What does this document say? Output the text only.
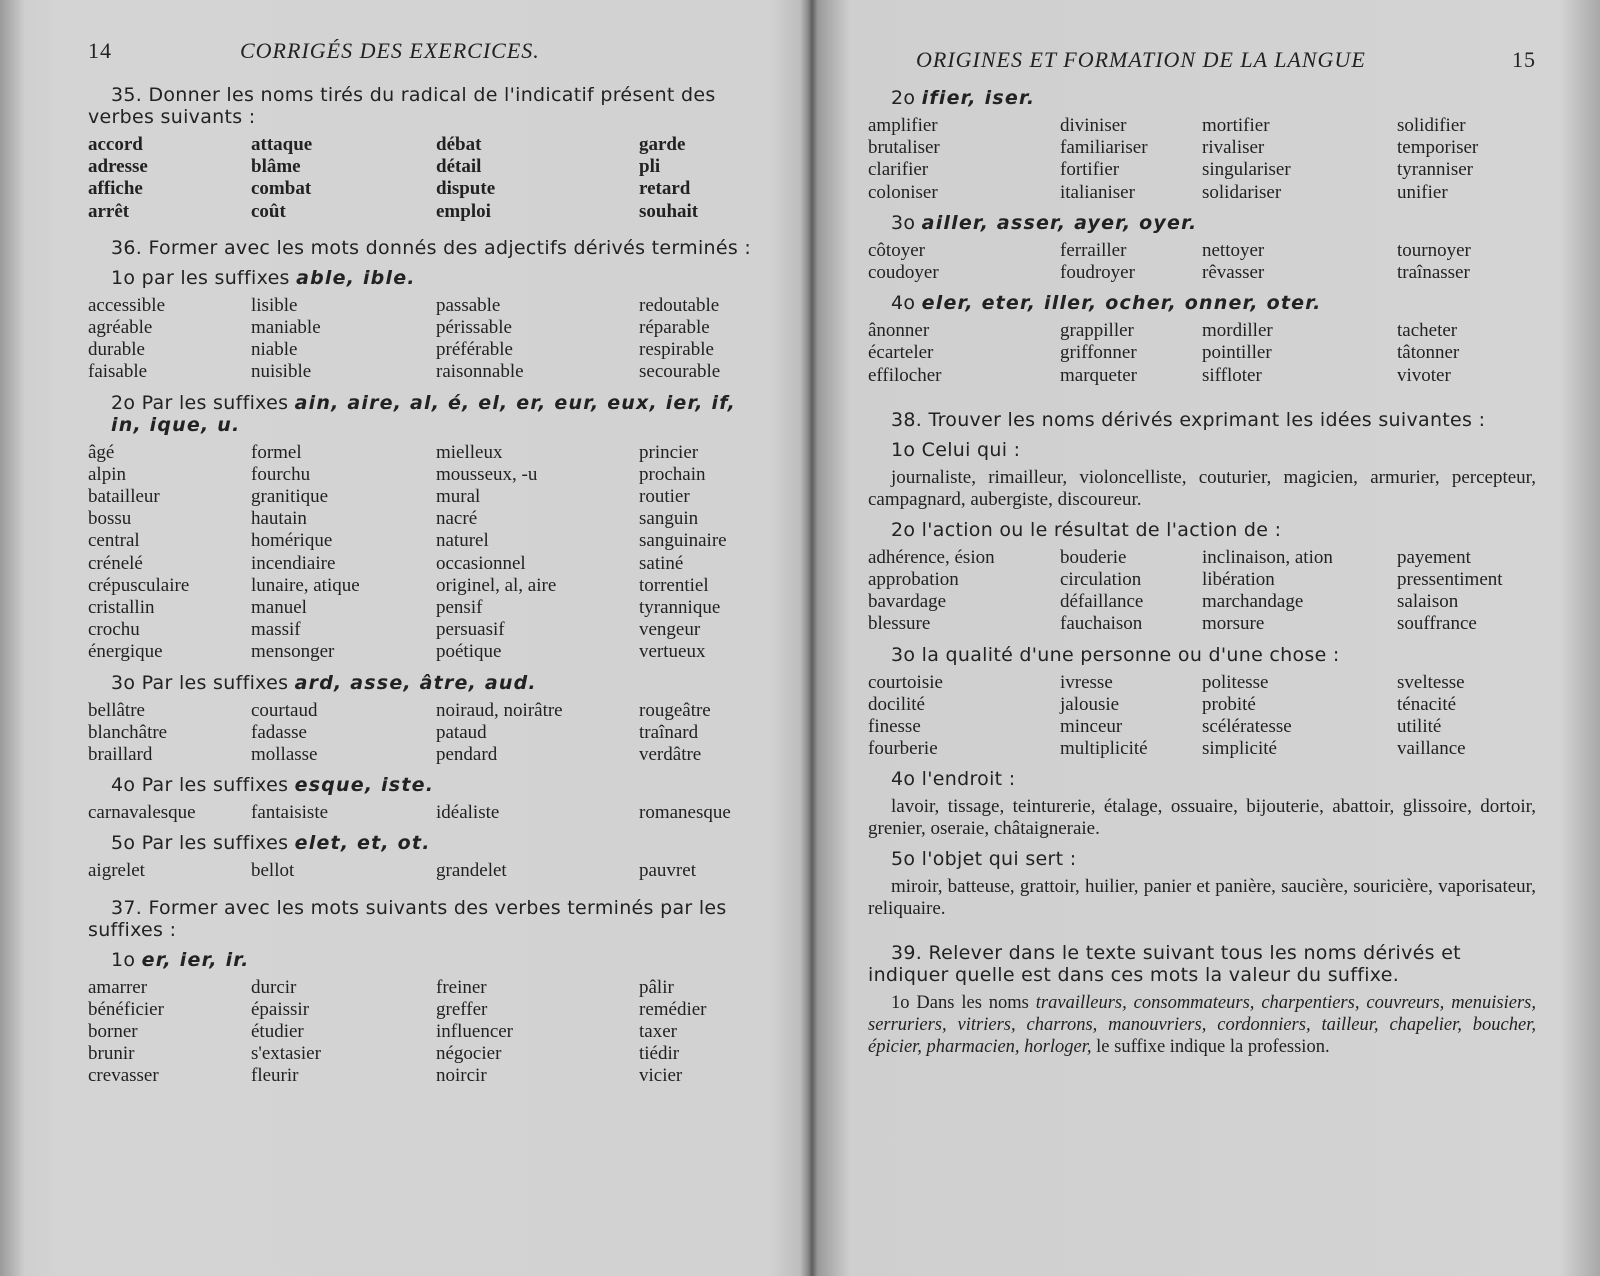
14	CORRIGÉS DES EXERCICES.
35. Donner les noms tirés du radical de l'indicatif présent des verbes suivants :
accord	attaque	débat	garde
adresse	blâme	détail	pli
affiche	combat	dispute	retard
arrêt	coût	emploi	souhait
36. Former avec les mots donnés des adjectifs dérivés terminés :
1o par les suffixes able, ible.
accessible	lisible	passable	redoutable
agréable	maniable	périssable	réparable
durable	niable	préférable	respirable
faisable	nuisible	raisonnable	secourable
2o Par les suffixes ain, aire, al, é, el, er, eur, eux, ier, if, in, ique, u.
âgé	formel	mielleux	princier
alpin	fourchu	mousseux, -u	prochain
batailleur	granitique	mural	routier
bossu	hautain	nacré	sanguin
central	homérique	naturel	sanguinaire
crénelé	incendiaire	occasionnel	satiné
crépusculaire	lunaire, atique	originel, al, aire	torrentiel
cristallin	manuel	pensif	tyrannique
crochu	massif	persuasif	vengeur
énergique	mensonger	poétique	vertueux
3o Par les suffixes ard, asse, âtre, aud.
bellâtre	courtaud	noiraud, noirâtre	rougeâtre
blanchâtre	fadasse	pataud	traînard
braillard	mollasse	pendard	verdâtre
4o Par les suffixes esque, iste.
carnavalesque	fantaisiste	idéaliste	romanesque
5o Par les suffixes elet, et, ot.
aigrelet	bellot	grandelet	pauvret
37. Former avec les mots suivants des verbes terminés par les suffixes :
1o er, ier, ir.
amarrer	durcir	freiner	pâlir
bénéficier	épaissir	greffer	remédier
borner	étudier	influencer	taxer
brunir	s'extasier	négocier	tiédir
crevasser	fleurir	noircir	vicier
ORIGINES ET FORMATION DE LA LANGUE	15
2o ifier, iser.
amplifier	diviniser	mortifier	solidifier
brutaliser	familiariser	rivaliser	temporiser
clarifier	fortifier	singulariser	tyranniser
coloniser	italianiser	solidariser	unifier
3o ailler, asser, ayer, oyer.
côtoyer	ferrailler	nettoyer	tournoyer
coudoyer	foudroyer	rêvasser	traînasser
4o eler, eter, iller, ocher, onner, oter.
ânonner	grappiller	mordiller	tacheter
écarteler	griffonner	pointiller	tâtonner
effilocher	marqueter	siffloter	vivoter
38. Trouver les noms dérivés exprimant les idées suivantes :
1o Celui qui :
journaliste, rimailleur, violoncelliste, couturier, magicien, armurier, percepteur, campagnard, aubergiste, discoureur.
2o l'action ou le résultat de l'action de :
adhérence, ésion	bouderie	inclinaison, ation	payement
approbation	circulation	libération	pressentiment
bavardage	défaillance	marchandage	salaison
blessure	fauchaison	morsure	souffrance
3o la qualité d'une personne ou d'une chose :
courtoisie	ivresse	politesse	sveltesse
docilité	jalousie	probité	ténacité
finesse	minceur	scélératesse	utilité
fourberie	multiplicité	simplicité	vaillance
4o l'endroit :
lavoir, tissage, teinturerie, étalage, ossuaire, bijouterie, abattoir, glissoire, dortoir, grenier, oseraie, châtaigneraie.
5o l'objet qui sert :
miroir, batteuse, grattoir, huilier, panier et panière, saucière, souricière, vaporisateur, reliquaire.
39. Relever dans le texte suivant tous les noms dérivés et indiquer quelle est dans ces mots la valeur du suffixe.
1o Dans les noms travailleurs, consommateurs, charpentiers, couvreurs, menuisiers, serruriers, vitriers, charrons, manouvriers, cordonniers, tailleur, chapelier, boucher, épicier, pharmacien, horloger, le suffixe indique la profession.
